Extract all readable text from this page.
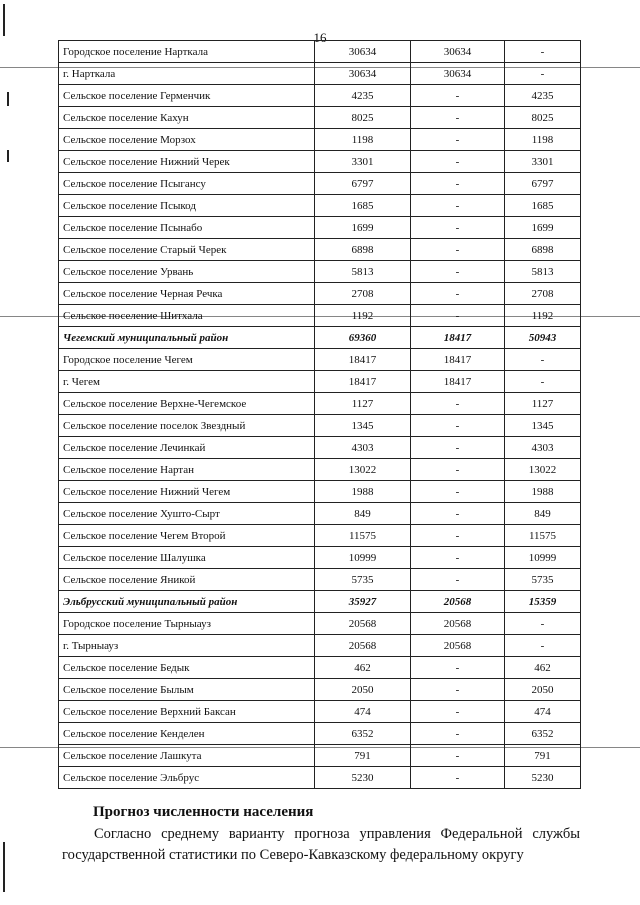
16
Городское поселение Нарткала	30634	30634	-
г. Нарткала	30634	30634	-
Сельское поселение Герменчик	4235	-	4235
Сельское поселение Кахун	8025	-	8025
Сельское поселение Морзох	1198	-	1198
Сельское поселение Нижний Черек	3301	-	3301
Сельское поселение Псыгансу	6797	-	6797
Сельское поселение Псыкод	1685	-	1685
Сельское поселение Псынабо	1699	-	1699
Сельское поселение Старый Черек	6898	-	6898
Сельское поселение Урвань	5813	-	5813
Сельское поселение Черная Речка	2708	-	2708
Сельское поселение Шитхала	1192	-	1192
Чегемский муниципальный район	69360	18417	50943
Городское поселение Чегем	18417	18417	-
г. Чегем	18417	18417	-
Сельское поселение Верхне-Чегемское	1127	-	1127
Сельское поселение поселок Звездный	1345	-	1345
Сельское поселение Лечинкай	4303	-	4303
Сельское поселение Нартан	13022	-	13022
Сельское поселение Нижний Чегем	1988	-	1988
Сельское поселение Хушто-Сырт	849	-	849
Сельское поселение Чегем Второй	11575	-	11575
Сельское поселение Шалушка	10999	-	10999
Сельское поселение Яникой	5735	-	5735
Эльбрусский муниципальный район	35927	20568	15359
Городское поселение Тырныауз	20568	20568	-
г. Тырныауз	20568	20568	-
Сельское поселение Бедык	462	-	462
Сельское поселение Былым	2050	-	2050
Сельское поселение Верхний Баксан	474	-	474
Сельское поселение Кенделен	6352	-	6352
Сельское поселение Лашкута	791	-	791
Сельское поселение Эльбрус	5230	-	5230
Прогноз численности населения
Согласно среднему варианту прогноза управления Федеральной службы государственной статистики по Северо-Кавказскому федеральному округу
